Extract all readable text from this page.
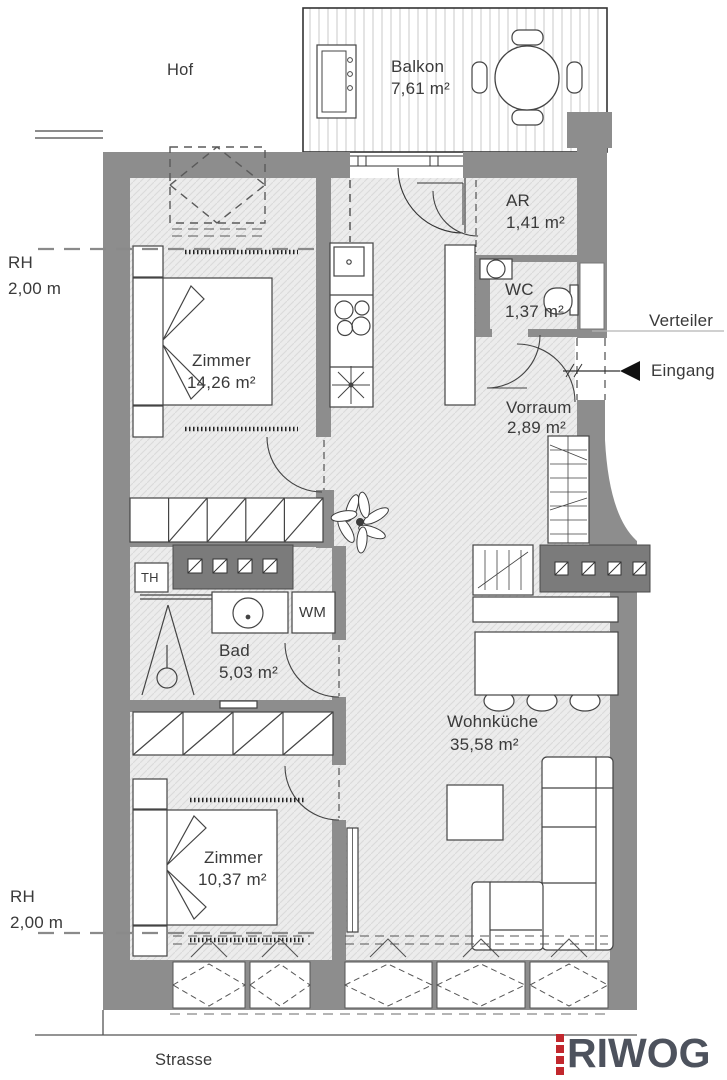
Hof	Balkon
7,61 m²
AR
1,41 m²
WC
1,37 m²	Verteiler
Eingang
Vorraum
2,89 m²
RH
2,00 m
Zimmer
14,26 m²
TH
WM
Bad
5,03 m²
Wohnküche
35,58 m²
Zimmer
10,37 m²
RH
2,00 m
Strasse	RIWOG
